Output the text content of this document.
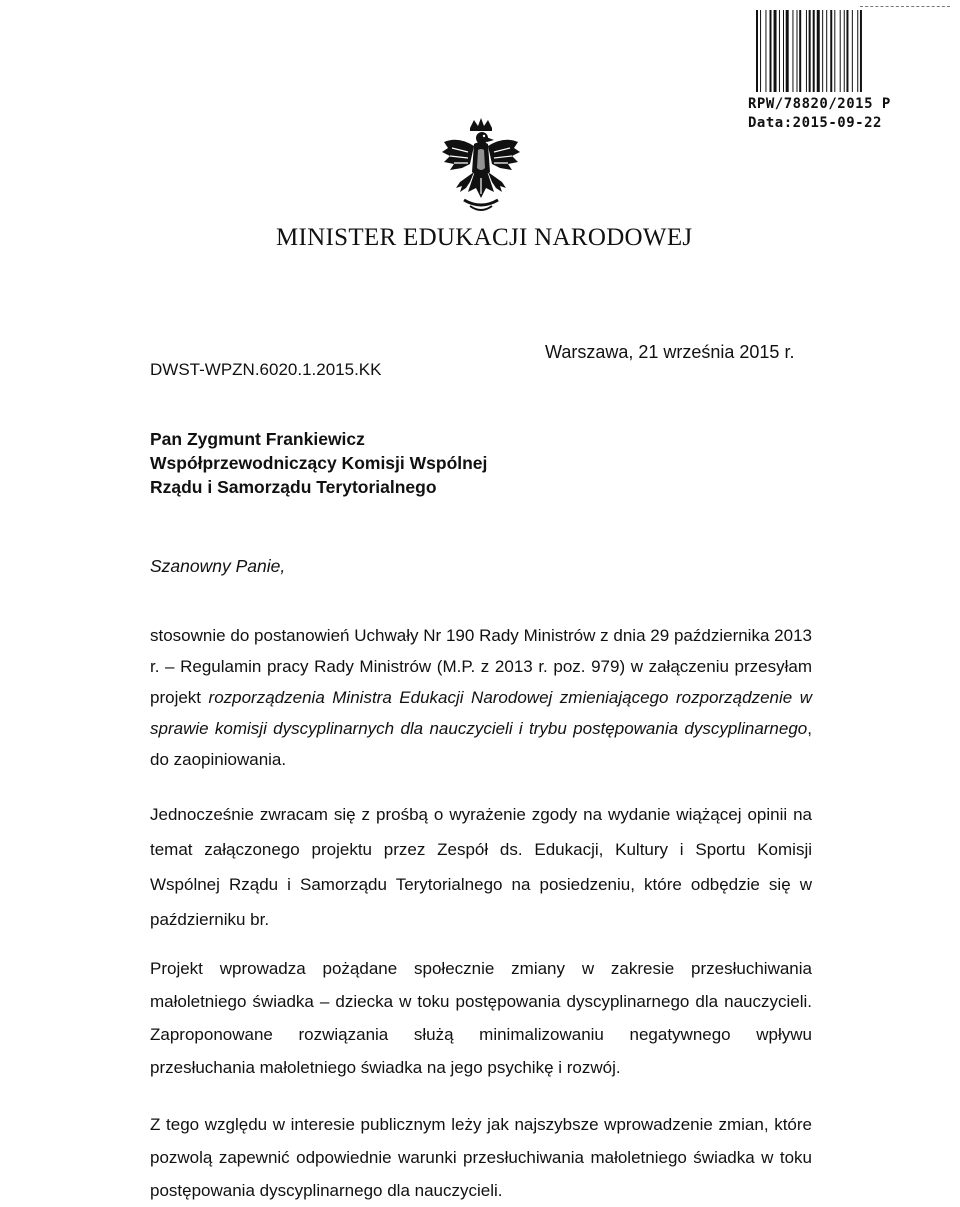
RPW/78820/2015 P
Data:2015-09-22
MINISTER EDUKACJI NARODOWEJ
DWST-WPZN.6020.1.2015.KK
Warszawa, 21 września 2015 r.
Pan Zygmunt Frankiewicz
Współprzewodniczący Komisji Wspólnej
Rządu i Samorządu Terytorialnego
Szanowny Panie,
stosownie do postanowień Uchwały Nr 190 Rady Ministrów z dnia 29 października 2013 r. – Regulamin pracy Rady Ministrów (M.P. z 2013 r. poz. 979) w załączeniu przesyłam projekt rozporządzenia Ministra Edukacji Narodowej zmieniającego rozporządzenie w sprawie komisji dyscyplinarnych dla nauczycieli i trybu postępowania dyscyplinarnego, do zaopiniowania.
Jednocześnie zwracam się z prośbą o wyrażenie zgody na wydanie wiążącej opinii na temat załączonego projektu przez Zespół ds. Edukacji, Kultury i Sportu Komisji Wspólnej Rządu i Samorządu Terytorialnego na posiedzeniu, które odbędzie się w październiku br.
Projekt wprowadza pożądane społecznie zmiany w zakresie przesłuchiwania małoletniego świadka – dziecka w toku postępowania dyscyplinarnego dla nauczycieli. Zaproponowane rozwiązania służą minimalizowaniu negatywnego wpływu przesłuchania małoletniego świadka na jego psychikę i rozwój.
Z tego względu w interesie publicznym leży jak najszybsze wprowadzenie zmian, które pozwolą zapewnić odpowiednie warunki przesłuchiwania małoletniego świadka w toku postępowania dyscyplinarnego dla nauczycieli.
